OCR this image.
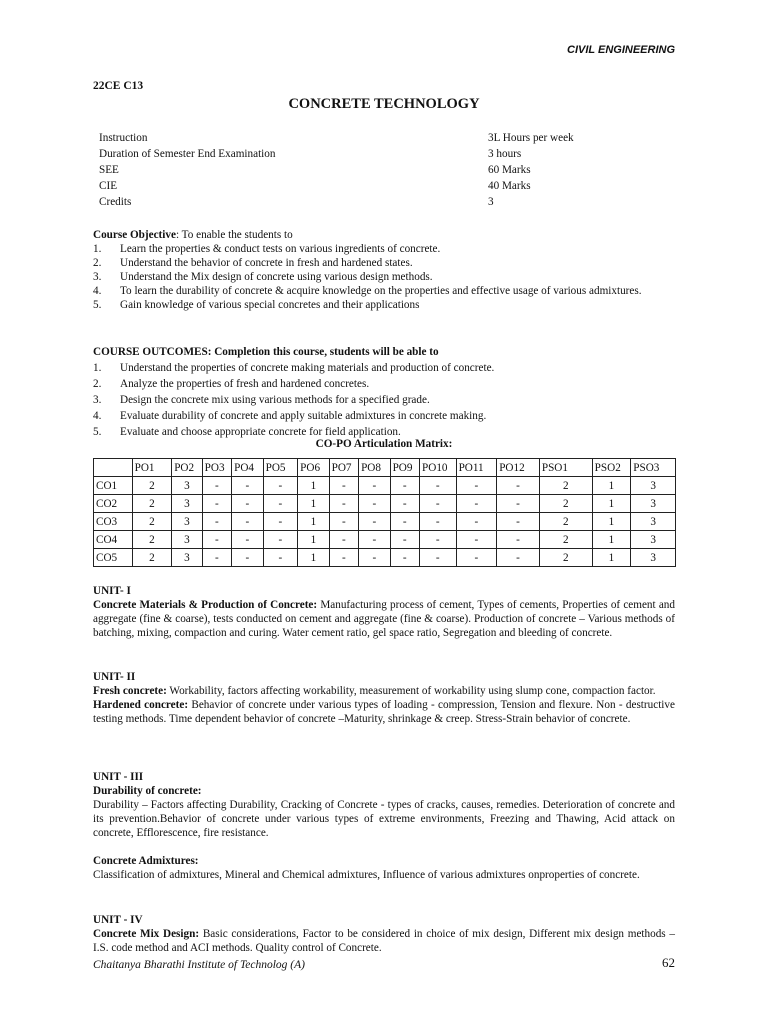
CIVIL ENGINEERING
22CE C13
CONCRETE TECHNOLOGY
Instruction	3L Hours per week
Duration of Semester End Examination	3 hours
SEE	60 Marks
CIE	40 Marks
Credits	3
Course Objective: To enable the students to
1.	Learn the properties & conduct tests on various ingredients of concrete.
2.	Understand the behavior of concrete in fresh and hardened states.
3.	Understand the Mix design of concrete using various design methods.
4.	To learn the durability of concrete & acquire knowledge on the properties and effective usage of various admixtures.
5.	Gain knowledge of various special concretes and their applications
COURSE OUTCOMES: Completion this course, students will be able to
1.	Understand the properties of concrete making materials and production of concrete.
2.	Analyze the properties of fresh and hardened concretes.
3.	Design the concrete mix using various methods for a specified grade.
4.	Evaluate durability of concrete and apply suitable admixtures in concrete making.
5.	Evaluate and choose appropriate concrete for field application.
CO-PO Articulation Matrix:
	PO1	PO2	PO3	PO4	PO5	PO6	PO7	PO8	PO9	PO10	PO11	PO12	PSO1	PSO2	PSO3
CO1	2	3	-	-	-	1	-	-	-	-	-	-	2	1	3
CO2	2	3	-	-	-	1	-	-	-	-	-	-	2	1	3
CO3	2	3	-	-	-	1	-	-	-	-	-	-	2	1	3
CO4	2	3	-	-	-	1	-	-	-	-	-	-	2	1	3
CO5	2	3	-	-	-	1	-	-	-	-	-	-	2	1	3
UNIT- I

Concrete Materials & Production of Concrete: Manufacturing process of cement, Types of cements, Properties of cement and aggregate (fine & coarse), tests conducted on cement and aggregate (fine & coarse). Production of concrete – Various methods of batching, mixing, compaction and curing. Water cement ratio, gel space ratio, Segregation and bleeding of concrete.

UNIT- II

Fresh concrete: Workability, factors affecting workability, measurement of workability using slump cone, compaction factor.

Hardened concrete: Behavior of concrete under various types of loading - compression, Tension and flexure. Non - destructive testing methods. Time dependent behavior of concrete –Maturity, shrinkage & creep. Stress-Strain behavior of concrete.

UNIT - III

Durability of concrete:

Durability – Factors affecting Durability, Cracking of Concrete - types of cracks, causes, remedies. Deterioration of concrete and its prevention.Behavior of concrete under various types of extreme environments, Freezing and Thawing, Acid attack on concrete, Efflorescence, fire resistance.

Concrete Admixtures:

Classification of admixtures, Mineral and Chemical admixtures, Influence of various admixtures onproperties of concrete.

UNIT - IV

Concrete Mix Design: Basic considerations, Factor to be considered in choice of mix design, Different mix design methods – I.S. code method and ACI methods. Quality control of Concrete.

Chaitanya Bharathi Institute of Technolog (A)	62
